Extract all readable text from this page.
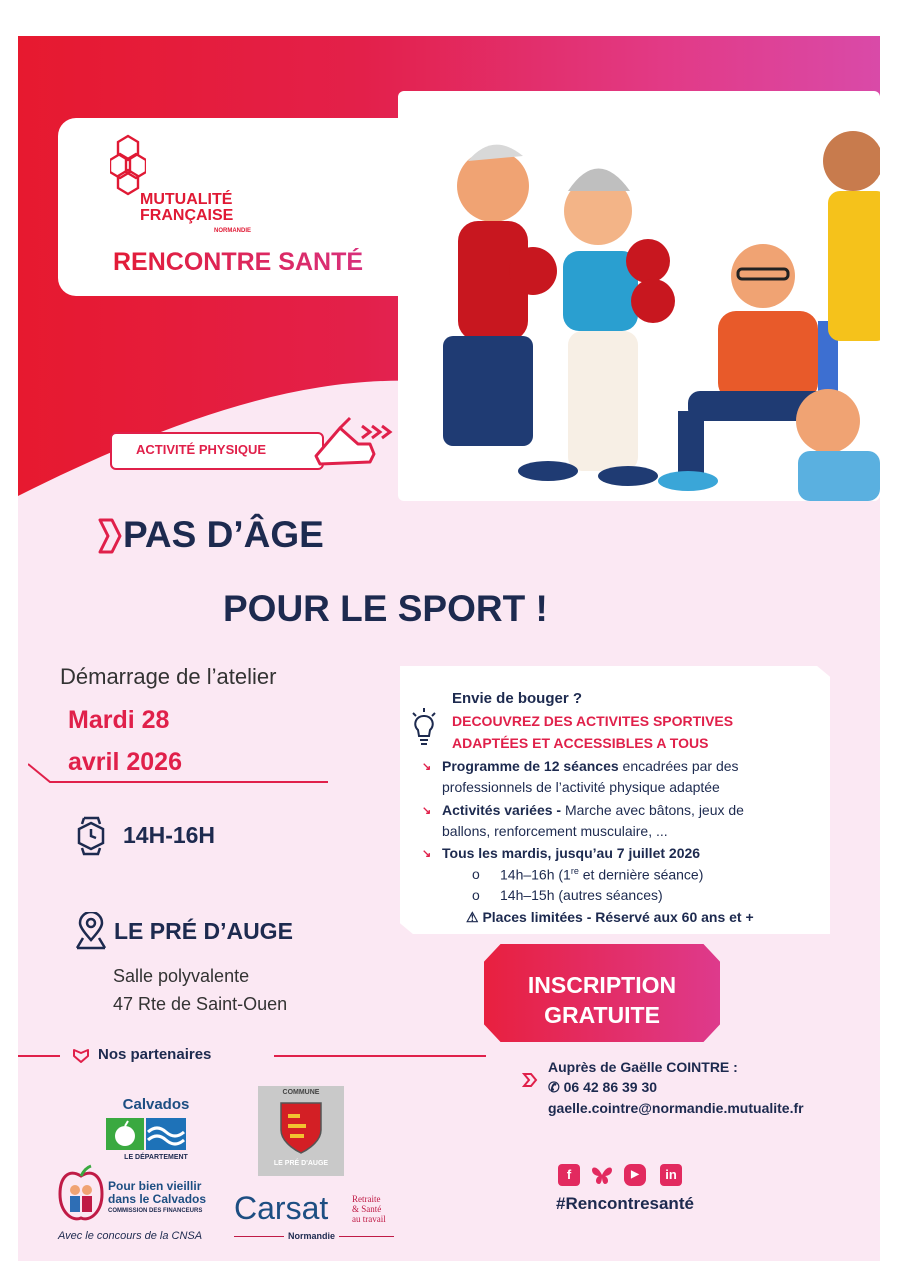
MUTUALITÉ
FRANÇAISE
NORMANDIE
RENCONTRE SANTÉ
ACTIVITÉ PHYSIQUE
PAS D’ÂGE
POUR LE SPORT !
Démarrage de l’atelier
Mardi 28
avril 2026
14H-16H
LE PRÉ D’AUGE
Salle polyvalente
47 Rte de Saint-Ouen
Envie de bouger ?
DECOUVREZ DES ACTIVITES SPORTIVES
ADAPTÉES ET ACCESSIBLES A TOUS
↘ Programme de 12 séances encadrées par des
professionnels de l’activité physique adaptée
↘ Activités variées - Marche avec bâtons, jeux de
ballons, renforcement musculaire, ...
↘ Tous les mardis, jusqu’au 7 juillet 2026
o 14h–16h (1re et dernière séance)
o 14h–15h (autres séances)
⚠ Places limitées - Réservé aux 60 ans et +
INSCRIPTION
GRATUITE
Auprès de Gaëlle COINTRE :
✆ 06 42 86 39 30
gaelle.cointre@normandie.mutualite.fr
f	▶	in
#Rencontresanté
Nos partenaires
Calvados
LE DÉPARTEMENT
COMMUNE
LE PRÉ D'AUGE
Pour bien vieillir
dans le Calvados
COMMISSION DES FINANCEURS
Avec le concours de la CNSA
Carsat	Retraite
& Santé
au travail
Normandie
